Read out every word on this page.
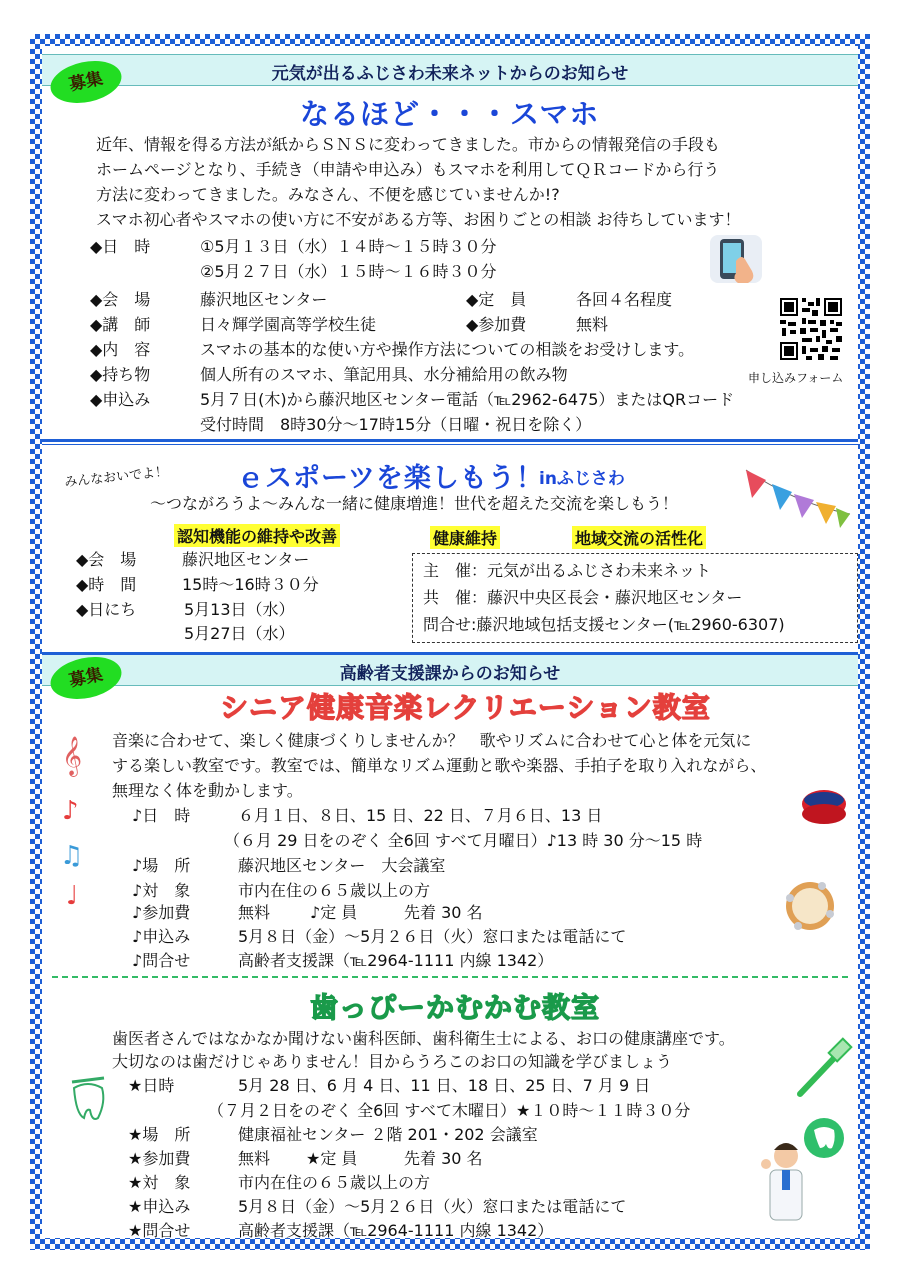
元気が出るふじさわ未来ネットからのお知らせ
募集
なるほど・・・スマホ
近年、情報を得る方法が紙からＳＮＳに変わってきました。市からの情報発信の手段も
ホームページとなり、手続き（申請や申込み）もスマホを利用してＱＲコードから行う
方法に変わってきました。みなさん、不便を感じていませんか!?
スマホ初心者やスマホの使い方に不安がある方等、お困りごとの相談 お待ちしています！
◆日　時	①5月１３日（水）１４時～１５時３０分
②5月２７日（水）１５時～１６時３０分
◆会　場	藤沢地区センター	◆定　員	各回４名程度
◆講　師	日々輝学園高等学校生徒	◆参加費	無料
◆内　容	スマホの基本的な使い方や操作方法についての相談をお受けします。
◆持ち物	個人所有のスマホ、筆記用具、水分補給用の飲み物
◆申込み	5月７日(木)から藤沢地区センター電話（℡2962-6475）またはQRコード
受付時間　8時30分～17時15分（日曜・祝日を除く）
申し込みフォーム
みんなおいでよ！	ｅスポーツを楽しもう！
inふじさわ
～つながろうよ～みんな一緒に健康増進！世代を超えた交流を楽しもう！
認知機能の維持や改善	健康維持	地域交流の活性化
◆会　場	藤沢地区センター
◆時　間	15時～16時３０分
◆日にち	5月13日（水）
5月27日（水）
主　催：元気が出るふじさわ未来ネット
共　催：藤沢中央区長会・藤沢地区センター
問合せ:藤沢地域包括支援センター(℡2960-6307)
高齢者支援課からのお知らせ
募集
シニア健康音楽レクリエーション教室
音楽に合わせて、楽しく健康づくりしませんか？　歌やリズムに合わせて心と体を元気に
する楽しい教室です。教室では、簡単なリズム運動と歌や楽器、手拍子を取り入れながら、
無理なく体を動かします。
𝄞
♪
♫
♩
♪日　時	６月１日、８日、15 日、22 日、７月６日、13 日
（６月 29 日をのぞく 全6回 すべて月曜日）♪13 時 30 分～15 時
♪場　所	藤沢地区センター　大会議室
♪対　象	市内在住の６５歳以上の方
♪参加費	無料 ♪定 員	先着 30 名
♪申込み	5月８日（金）～5月２６日（火）窓口または電話にて
♪問合せ	高齢者支援課（℡2964-1111 内線 1342）
歯っぴーかむかむ教室
歯医者さんではなかなか聞けない歯科医師、歯科衛生士による、お口の健康講座です。
大切なのは歯だけじゃありません！目からうろこのお口の知識を学びましょう
★日時	5月 28 日、6 月 4 日、11 日、18 日、25 日、7 月 9 日
（７月２日をのぞく 全6回 すべて木曜日）★１０時～１１時３０分
★場　所	健康福祉センター ２階 201・202 会議室
★参加費	無料 ★定 員	先着 30 名
★対　象	市内在住の６５歳以上の方
★申込み	5月８日（金）～5月２６日（火）窓口または電話にて
★問合せ	高齢者支援課（℡2964-1111 内線 1342）
